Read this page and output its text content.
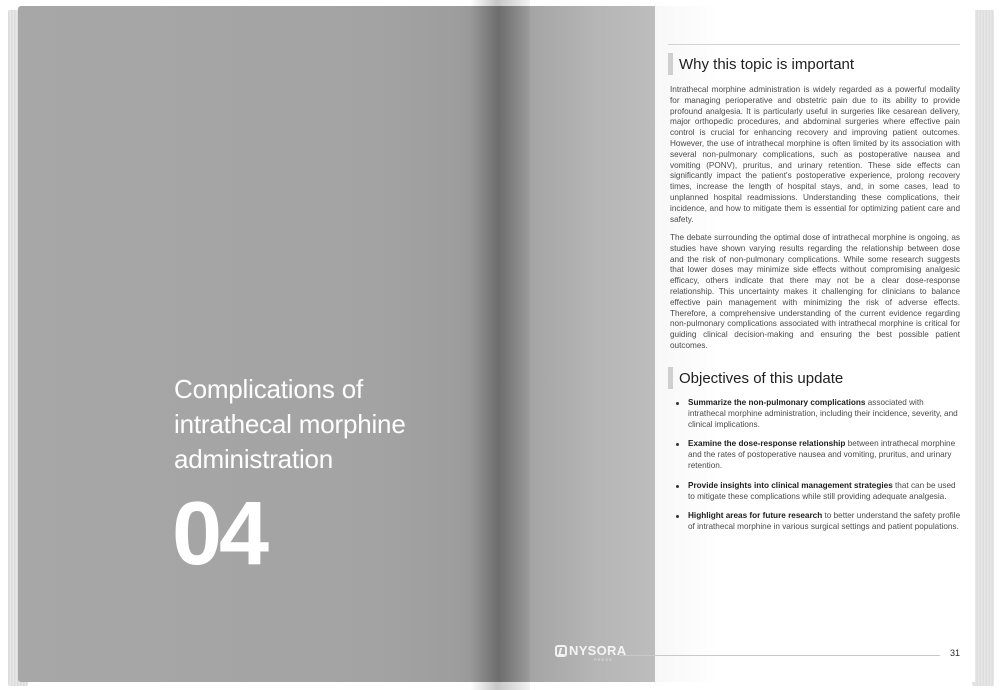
Complications of intrathecal morphine administration
04
Why this topic is important

Intrathecal morphine administration is widely regarded as a powerful modality for managing perioperative and obstetric pain due to its ability to provide profound analgesia. It is particularly useful in surgeries like cesarean delivery, major orthopedic procedures, and abdominal surgeries where effective pain control is crucial for enhancing recovery and improving patient outcomes. However, the use of intrathecal morphine is often limited by its association with several non-pulmonary complications, such as postoperative nausea and vomiting (PONV), pruritus, and urinary retention. These side effects can significantly impact the patient's postoperative experience, prolong recovery times, increase the length of hospital stays, and, in some cases, lead to unplanned hospital readmissions. Understanding these complications, their incidence, and how to mitigate them is essential for optimizing patient care and safety.

The debate surrounding the optimal dose of intrathecal morphine is ongoing, as studies have shown varying results regarding the relationship between dose and the risk of non-pulmonary complications. While some research suggests that lower doses may minimize side effects without compromising analgesic efficacy, others indicate that there may not be a clear dose-response relationship. This uncertainty makes it challenging for clinicians to balance effective pain management with minimizing the risk of adverse effects. Therefore, a comprehensive understanding of the current evidence regarding non-pulmonary complications associated with intrathecal morphine is critical for guiding clinical decision-making and ensuring the best possible patient outcomes.

Objectives of this update
Summarize the non-pulmonary complications associated with intrathecal morphine administration, including their incidence, severity, and clinical implications.
Examine the dose-response relationship between intrathecal morphine and the rates of postoperative nausea and vomiting, pruritus, and urinary retention.
Provide insights into clinical management strategies that can be used to mitigate these complications while still providing adequate analgesia.
Highlight areas for future research to better understand the safety profile of intrathecal morphine in various surgical settings and patient populations.
NYSORA
PRESS
31
